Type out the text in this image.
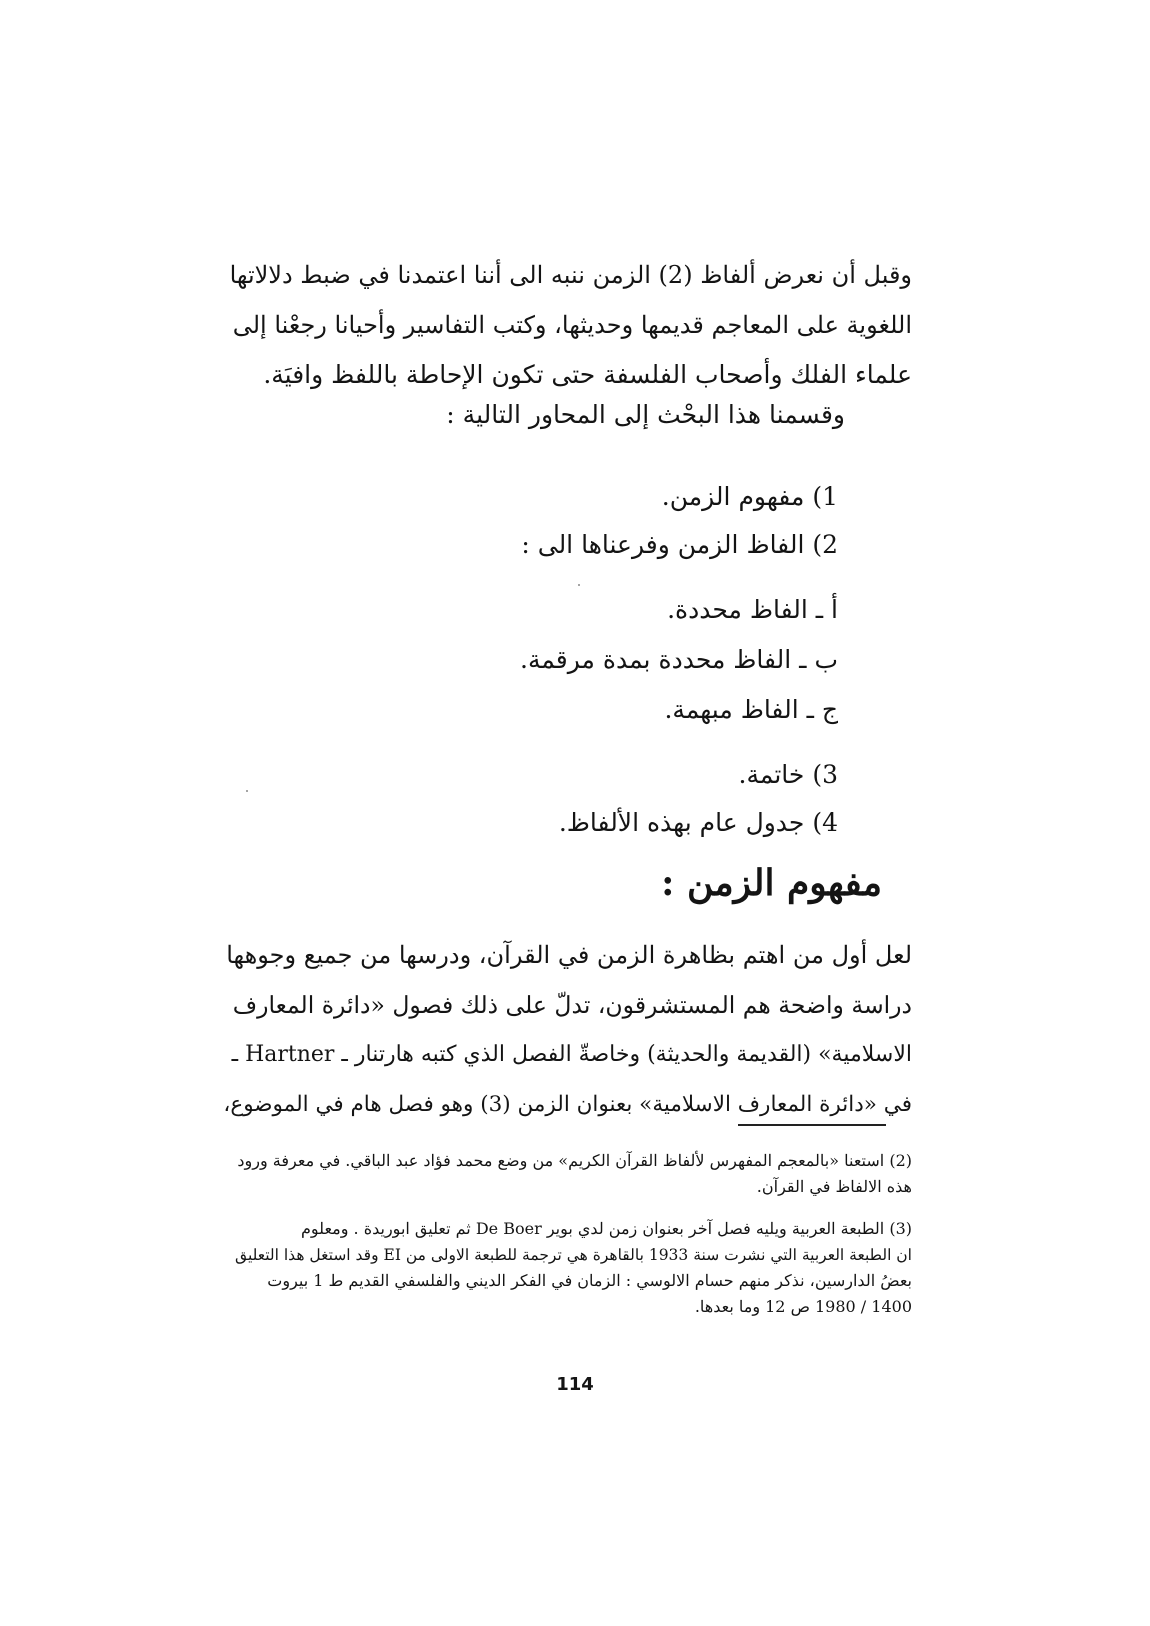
وقبل أن نعرض ألفاظ (2) الزمن ننبه الى أننا اعتمدنا في ضبط دلالاتها
اللغوية على المعاجم قديمها وحديثها، وكتب التفاسير وأحيانا رجعْنا إلى
علماء الفلك وأصحاب الفلسفة حتى تكون الإحاطة باللفظ وافيَة.
وقسمنا هذا البحْث إلى المحاور التالية :
1) مفهوم الزمن.
2) الفاظ الزمن وفرعناها الى :
أ ـ الفاظ محددة.
ب ـ الفاظ محددة بمدة مرقمة.
ج ـ الفاظ مبهمة.
3) خاتمة.
4) جدول عام بهذه الألفاظ.
مفهوم الزمن :
لعل أول من اهتم بظاهرة الزمن في القرآن، ودرسها من جميع وجوهها
دراسة واضحة هم المستشرقون، تدلّ على ذلك فصول «دائرة المعارف
الاسلامية» (القديمة والحديثة) وخاصةّ الفصل الذي كتبه هارتنار ـ Hartner ـ
في «دائرة المعارف الاسلامية» بعنوان الزمن (3) وهو فصل هام في الموضوع،
(2) استعنا «بالمعجم المفهرس لألفاظ القرآن الكريم» من وضع محمد فؤاد عبد الباقي. في معرفة ورود
هذه الالفاظ في القرآن.
(3) الطبعة العربية ويليه فصل آخر بعنوان زمن لدي بوير De Boer ثم تعليق ابوريدة . ومعلوم
ان الطبعة العربية التي نشرت سنة 1933 بالقاهرة هي ترجمة للطبعة الاولى من EI وقد استغل هذا التعليق
بعضُ الدارسين، نذكر منهم حسام الالوسي : الزمان في الفكر الديني والفلسفي القديم ط 1 بيروت
1400 / 1980 ص 12 وما بعدها.
114
